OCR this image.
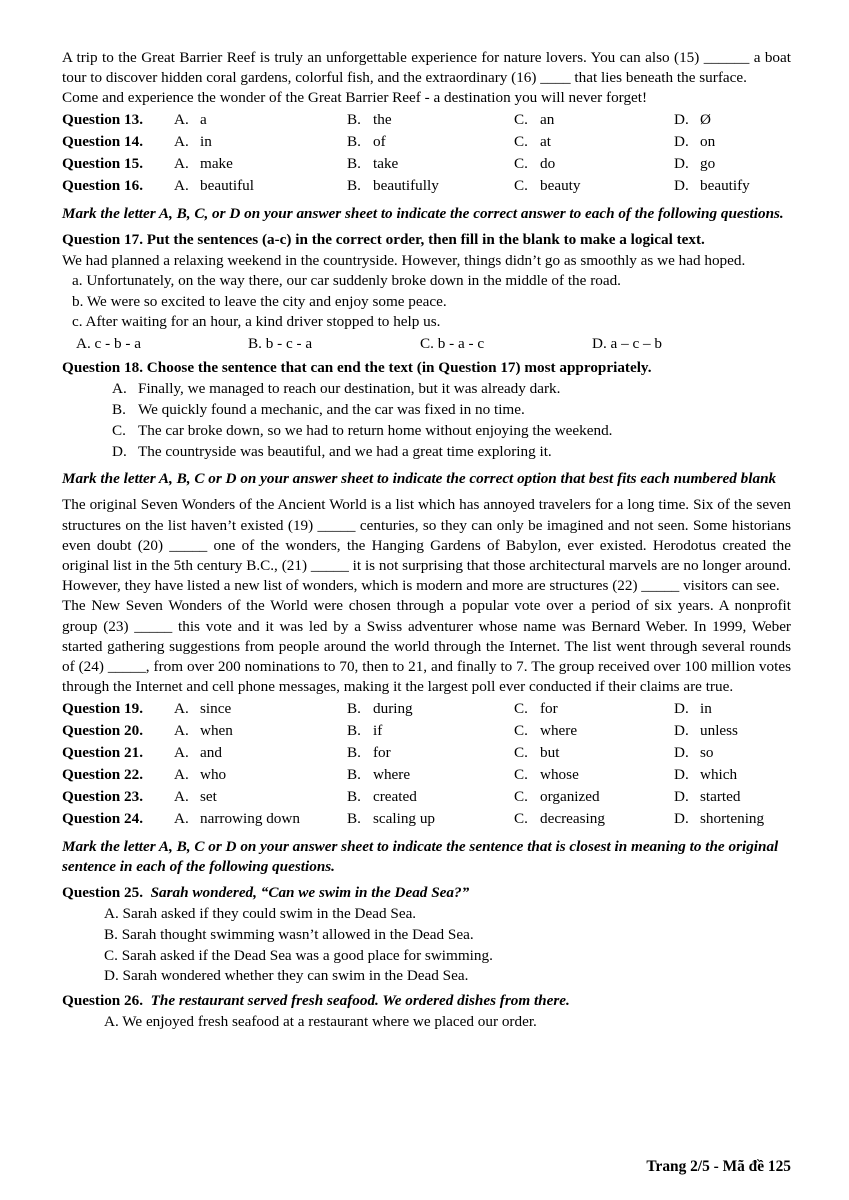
A trip to the Great Barrier Reef is truly an unforgettable experience for nature lovers. You can also (15) ______ a boat tour to discover hidden coral gardens, colorful fish, and the extraordinary (16) ____ that lies beneath the surface.

Come and experience the wonder of the Great Barrier Reef - a destination you will never forget!

Question 13.	A. a	B. the	C. an	D. Ø
Question 14.	A. in	B. of	C. at	D. on
Question 15.	A. make	B. take	C. do	D. go
Question 16.	A. beautiful	B. beautifully	C. beauty	D. beautify

Mark the letter A, B, C, or D on your answer sheet to indicate the correct answer to each of the following questions.

Question 17. Put the sentences (a-c) in the correct order, then fill in the blank to make a logical text.

We had planned a relaxing weekend in the countryside. However, things didn’t go as smoothly as we had hoped.

a. Unfortunately, on the way there, our car suddenly broke down in the middle of the road.
b. We were so excited to leave the city and enjoy some peace.
c. After waiting for an hour, a kind driver stopped to help us.
A. c - b - a	B. b - c - a	C. b - a - c	D. a – c – b

Question 18. Choose the sentence that can end the text (in Question 17) most appropriately.

A. Finally, we managed to reach our destination, but it was already dark.
B. We quickly found a mechanic, and the car was fixed in no time.
C. The car broke down, so we had to return home without enjoying the weekend.
D. The countryside was beautiful, and we had a great time exploring it.

Mark the letter A, B, C or D on your answer sheet to indicate the correct option that best fits each numbered blank

The original Seven Wonders of the Ancient World is a list which has annoyed travelers for a long time. Six of the seven structures on the list haven’t existed (19) _____ centuries, so they can only be imagined and not seen. Some historians even doubt (20) _____ one of the wonders, the Hanging Gardens of Babylon, ever existed. Herodotus created the original list in the 5th century B.C., (21) _____ it is not surprising that those architectural marvels are no longer around. However, they have listed a new list of wonders, which is modern and more are structures (22) _____ visitors can see.

The New Seven Wonders of the World were chosen through a popular vote over a period of six years. A nonprofit group (23) _____ this vote and it was led by a Swiss adventurer whose name was Bernard Weber. In 1999, Weber started gathering suggestions from people around the world through the Internet. The list went through several rounds of (24) _____, from over 200 nominations to 70, then to 21, and finally to 7. The group received over 100 million votes through the Internet and cell phone messages, making it the largest poll ever conducted if their claims are true.

Question 19.	A. since	B. during	C. for	D. in
Question 20.	A. when	B. if	C. where	D. unless
Question 21.	A. and	B. for	C. but	D. so
Question 22.	A. who	B. where	C. whose	D. which
Question 23.	A. set	B. created	C. organized	D. started
Question 24.	A. narrowing down	B. scaling up	C. decreasing	D. shortening

Mark the letter A, B, C or D on your answer sheet to indicate the sentence that is closest in meaning to the original sentence in each of the following questions.

Question 25. Sarah wondered, “Can we swim in the Dead Sea?”

A. Sarah asked if they could swim in the Dead Sea.
B. Sarah thought swimming wasn’t allowed in the Dead Sea.
C. Sarah asked if the Dead Sea was a good place for swimming.
D. Sarah wondered whether they can swim in the Dead Sea.

Question 26. The restaurant served fresh seafood. We ordered dishes from there.

A. We enjoyed fresh seafood at a restaurant where we placed our order.
Trang 2/5 - Mã đề 125
